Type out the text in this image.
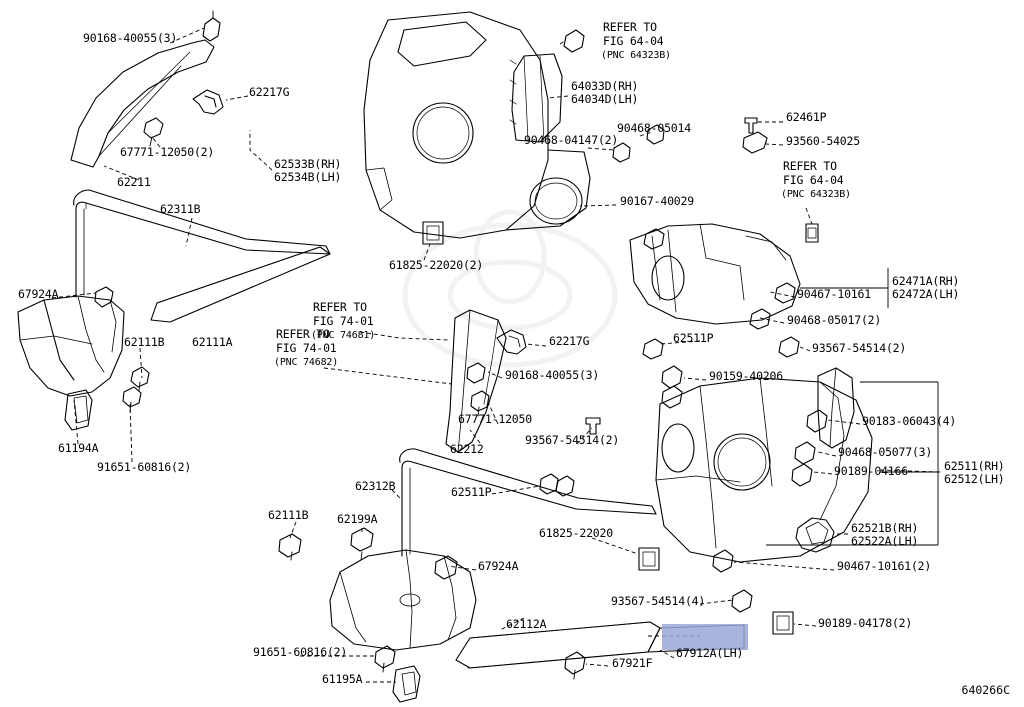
90168-40055(3)
62217G
67771-12050(2)
62211
62311B
62533B(RH)
62534B(LH)
REFER TO
FIG 64-04
(PNC 64323B)
64033D(RH)
64034D(LH)
90468-04147(2)
90468-05014
90167-40029
62461P
93560-54025
REFER TO
FIG 64-04
(PNC 64323B)
62471A(RH)
62472A(LH)
90467-10161
90468-05017(2)
93567-54514(2)
62511P
61825-22020(2)
67924A
62111B 62111A
61194A
91651-60816(2)
REFER TO
FIG 74-01
(PNC 74681)
REFER TO
FIG 74-01
(PNC 74682)
62217G
90168-40055(3)	90159-40206
67771-12050
62212
93567-54514(2)
62312B	62511P
61825-22020
90183-06043(4)
90468-05077(3)
90189-04166	62511(RH)
62512(LH)
62521B(RH)
62522A(LH)
90467-10161(2)
62111B 62199A
67924A
62112A
93567-54514(4)
90189-04178(2)
67921F
67912A(LH)
91651-60816(2)
61195A
640266C
